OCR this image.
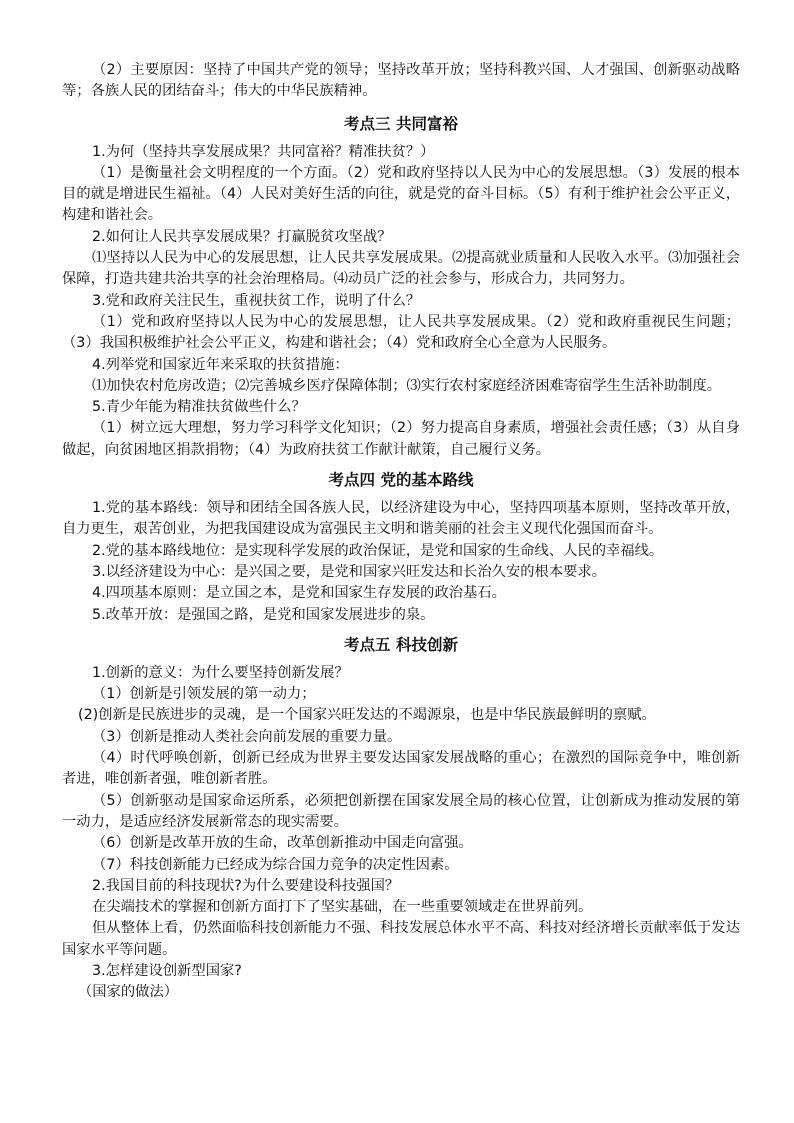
（2）主要原因：坚持了中国共产党的领导；坚持改革开放；坚持科教兴国、人才强国、创新驱动战略等；各族人民的团结奋斗；伟大的中华民族精神。

考点三 共同富裕

1.为何（坚持共享发展成果？共同富裕？精准扶贫？）

（1）是衡量社会文明程度的一个方面。（2）党和政府坚持以人民为中心的发展思想。（3）发展的根本目的就是增进民生福祉。（4）人民对美好生活的向往，就是党的奋斗目标。（5）有利于维护社会公平正义，构建和谐社会。

2.如何让人民共享发展成果？打赢脱贫攻坚战？

⑴坚持以人民为中心的发展思想，让人民共享发展成果。⑵提高就业质量和人民收入水平。⑶加强社会保障，打造共建共治共享的社会治理格局。⑷动员广泛的社会参与，形成合力，共同努力。

3.党和政府关注民生，重视扶贫工作，说明了什么？

（1）党和政府坚持以人民为中心的发展思想，让人民共享发展成果。（2）党和政府重视民生问题；（3）我国积极维护社会公平正义，构建和谐社会；（4）党和政府全心全意为人民服务。

4.列举党和国家近年来采取的扶贫措施：

⑴加快农村危房改造；⑵完善城乡医疗保障体制；⑶实行农村家庭经济困难寄宿学生生活补助制度。

5.青少年能为精准扶贫做些什么？

（1）树立远大理想，努力学习科学文化知识；（2）努力提高自身素质，增强社会责任感；（3）从自身做起，向贫困地区捐款捐物；（4）为政府扶贫工作献计献策，自己履行义务。

考点四 党的基本路线

1.党的基本路线：领导和团结全国各族人民，以经济建设为中心，坚持四项基本原则，坚持改革开放，自力更生，艰苦创业，为把我国建设成为富强民主文明和谐美丽的社会主义现代化强国而奋斗。

2.党的基本路线地位：是实现科学发展的政治保证，是党和国家的生命线、人民的幸福线。

3.以经济建设为中心：是兴国之要，是党和国家兴旺发达和长治久安的根本要求。

4.四项基本原则：是立国之本，是党和国家生存发展的政治基石。

5.改革开放：是强国之路，是党和国家发展进步的泉。

考点五 科技创新

1.创新的意义：为什么要坚持创新发展？

（1）创新是引领发展的第一动力；

(2)创新是民族进步的灵魂，是一个国家兴旺发达的不竭源泉，也是中华民族最鲜明的禀赋。

（3）创新是推动人类社会向前发展的重要力量。

（4）时代呼唤创新，创新已经成为世界主要发达国家发展战略的重心；在激烈的国际竞争中，唯创新者进，唯创新者强，唯创新者胜。

（5）创新驱动是国家命运所系，必须把创新摆在国家发展全局的核心位置，让创新成为推动发展的第一动力，是适应经济发展新常态的现实需要。

（6）创新是改革开放的生命，改革创新推动中国走向富强。

（7）科技创新能力已经成为综合国力竞争的决定性因素。

2.我国目前的科技现状?为什么要建设科技强国？

在尖端技术的掌握和创新方面打下了坚实基础，在一些重要领域走在世界前列。

但从整体上看，仍然面临科技创新能力不强、科技发展总体水平不高、科技对经济增长贡献率低于发达国家水平等问题。

3.怎样建设创新型国家?

（国家的做法）
